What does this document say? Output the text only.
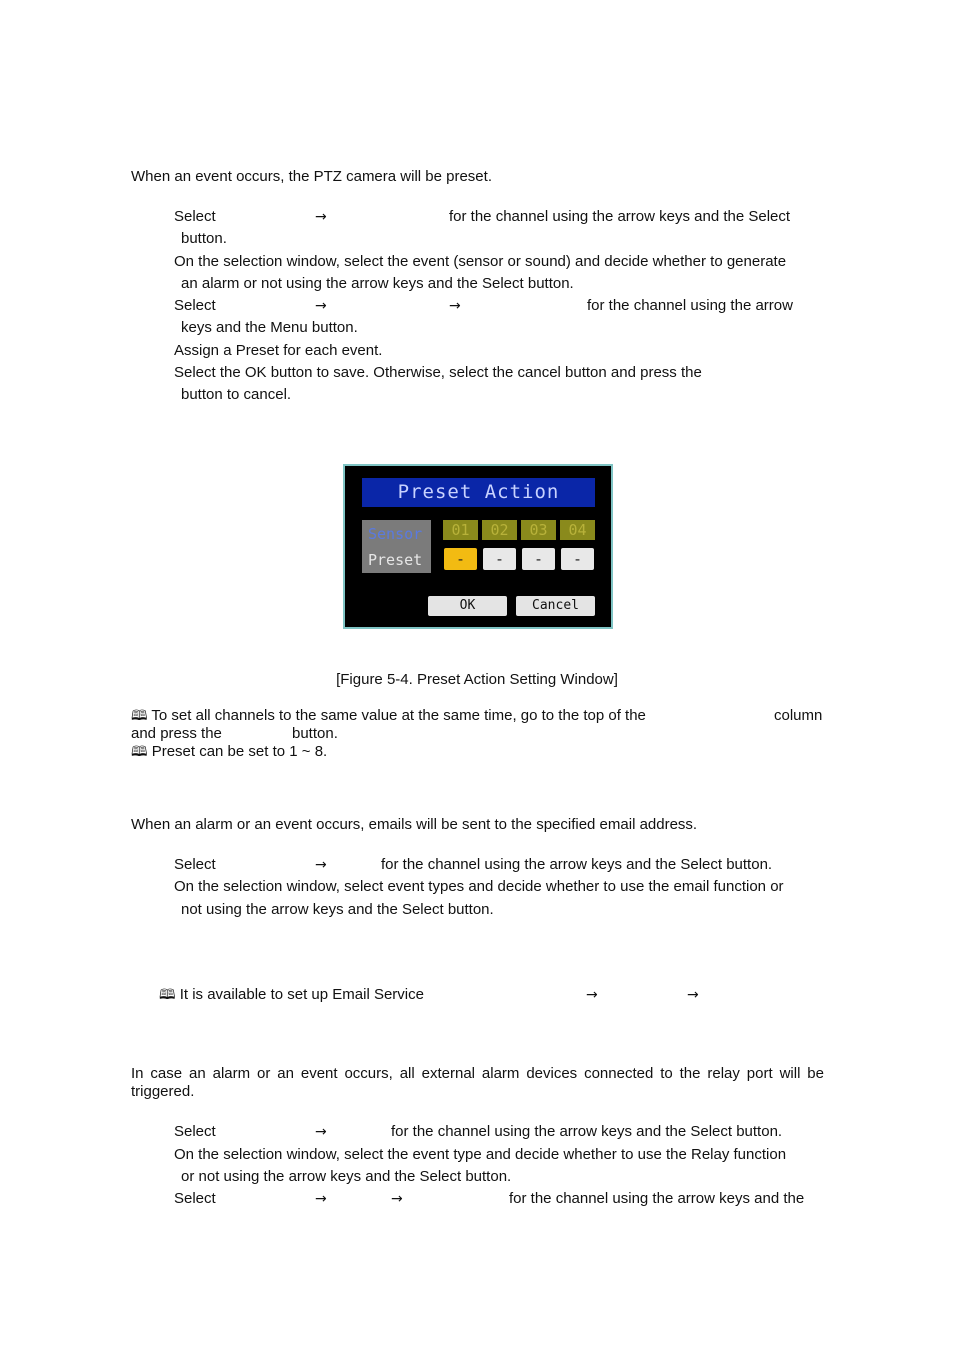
When an event occurs, the PTZ camera will be preset.
Select	→	for the channel using the arrow keys and the Select
button.
On the selection window, select the event (sensor or sound) and decide whether to generate
an alarm or not using the arrow keys and the Select button.
Select	→	→	for the channel using the arrow
keys and the Menu button.
Assign a Preset for each event.
Select the OK button to save. Otherwise, select the cancel button and press the
button to cancel.
Preset Action
Sensor
Preset
01	02	03	04
-	-	-	-
OK	Cancel
[Figure 5-4. Preset Action Setting Window]
🕮 To set all channels to the same value at the same time, go to the top of the	column
and press the	button.
🕮 Preset can be set to 1 ~ 8.
When an alarm or an event occurs, emails will be sent to the specified email address.
Select	→	for the channel using the arrow keys and the Select button.
On the selection window, select event types and decide whether to use the email function or
not using the arrow keys and the Select button.
🕮 It is available to set up Email Service	→	→
In case an alarm or an event occurs, all external alarm devices connected to the relay port will be
triggered.
Select	→	for the channel using the arrow keys and the Select button.
On the selection window, select the event type and decide whether to use the Relay function
or not using the arrow keys and the Select button.
Select	→	→	for the channel using the arrow keys and the
